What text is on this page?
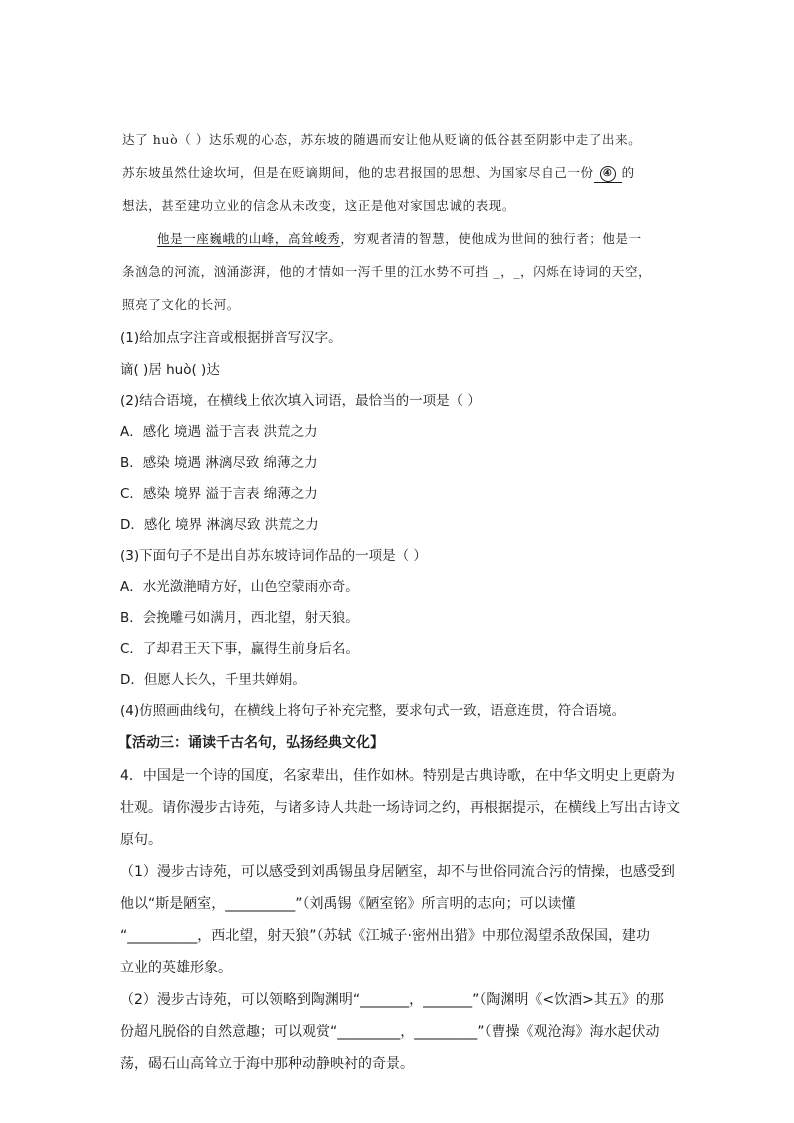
达了 huò（ ）达乐观的心态，苏东坡的随遇而安让他从贬谪的低谷甚至阴影中走了出来。
苏东坡虽然仕途坎坷，但是在贬谪期间，他的忠君报国的思想、为国家尽自己一份 ④ 的
想法，甚至建功立业的信念从未改变，这正是他对家国忠诚的表现。
他是一座巍峨的山峰，高耸峻秀，穷观者清的智慧，使他成为世间的独行者；他是一
条汹急的河流，汹涌澎湃，他的才情如一泻千里的江水势不可挡 _，_，闪烁在诗词的天空，
照亮了文化的长河。
(1)给加点字注音或根据拼音写汉字。
谪( )居 huò( )达
(2)结合语境，在横线上依次填入词语，最恰当的一项是（ ）
A．感化 境遇 溢于言表 洪荒之力
B．感染 境遇 淋漓尽致 绵薄之力
C．感染 境界 溢于言表 绵薄之力
D．感化 境界 淋漓尽致 洪荒之力
(3)下面句子不是出自苏东坡诗词作品的一项是（ ）
A．水光潋滟晴方好，山色空蒙雨亦奇。
B．会挽雕弓如满月，西北望，射天狼。
C．了却君王天下事，赢得生前身后名。
D．但愿人长久，千里共婵娟。
(4)仿照画曲线句，在横线上将句子补充完整，要求句式一致，语意连贯，符合语境。
【活动三：诵读千古名句，弘扬经典文化】
4．中国是一个诗的国度，名家辈出，佳作如林。特别是古典诗歌，在中华文明史上更蔚为
壮观。请你漫步古诗苑，与诸多诗人共赴一场诗词之约，再根据提示，在横线上写出古诗文
原句。
（1）漫步古诗苑，可以感受到刘禹锡虽身居陋室，却不与世俗同流合污的情操，也感受到
他以“斯是陋室，__________”（刘禹锡《陋室铭》所言明的志向；可以读懂
“__________，西北望，射天狼”（苏轼《江城子·密州出猎》中那位渴望杀敌保国，建功
立业的英雄形象。
（2）漫步古诗苑，可以领略到陶渊明“_______，_______”（陶渊明《<饮酒>其五》的那
份超凡脱俗的自然意趣；可以观赏“_________，_________”（曹操《观沧海》海水起伏动
荡，碣石山高耸立于海中那种动静映衬的奇景。
